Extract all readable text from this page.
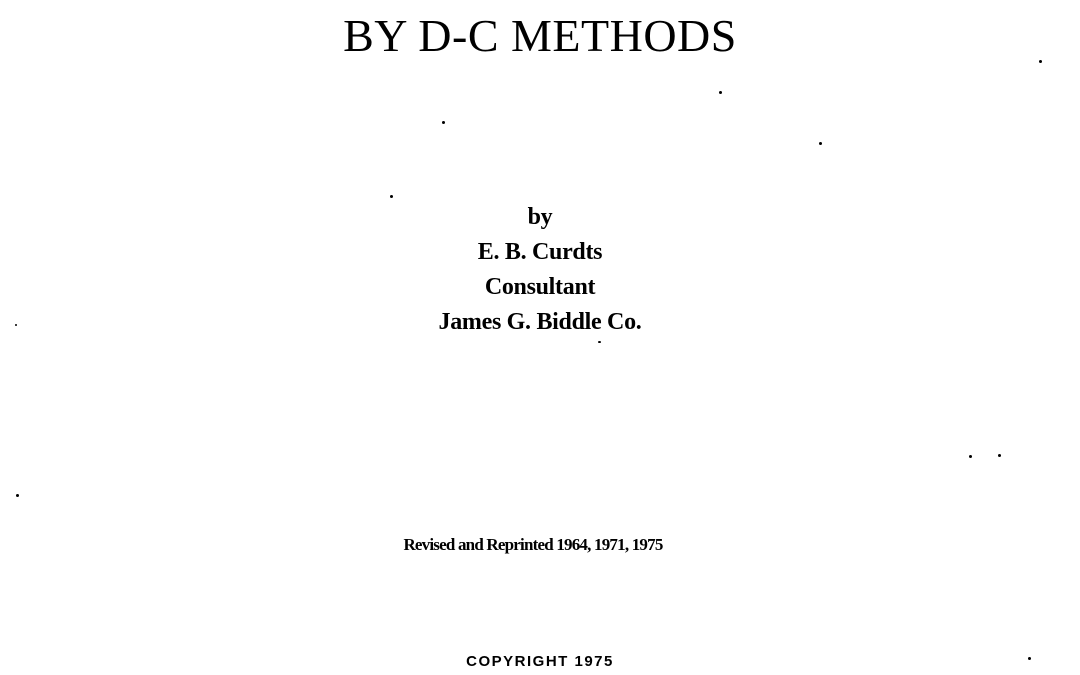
BY D-C METHODS
by
E. B. Curdts
Consultant
James G. Biddle Co.
Revised and Reprinted 1964, 1971, 1975
COPYRIGHT 1975
